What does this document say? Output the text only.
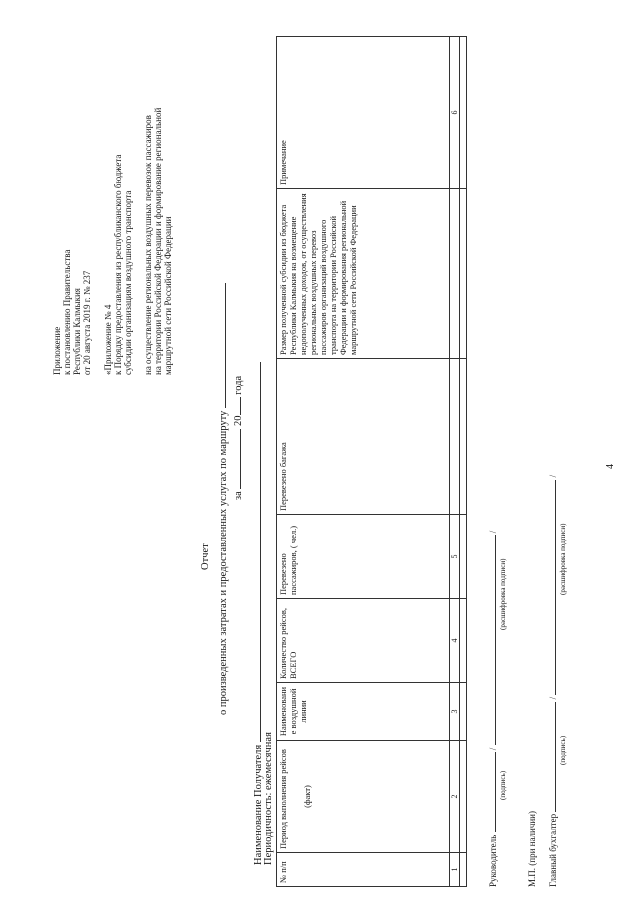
Приложение к постановлению Правительства Республики Калмыкия от 20 августа 2019 г. № 237 «Приложение № 4 к Порядку предоставления из республиканского бюджета субсидии организациям воздушного транспорта на осуществление региональных воздушных перевозок пассажиров на территории Российской Федерации и формирование региональной маршрутной сети Российской Федерации
Отчет о произведенных затратах и предоставленных услугах по маршруту за  20 года
Наименование Получателя Периодичность: ежемесячная
№ п/п	Период выполнения рейсов (факт)	Наименовани е воздушной линии	Количество рейсов, ВСЕГО	Перевезено пассажиров, ( чел.)	Перевезено багажа	Размер полученной субсидии из бюджета Республики Калмыкия на возмещение недополученных доходов, от осуществления региональных воздушных перевоз пассажиров организаций воздушного транспорта на территории Российской Федерации и формирования региональной маршрутной сети Российской Федерации	Примечание
1	2	3	4	5			6

Руководитель  /  /
(подпись)
(расшифровка подписи)
М.П. (при наличии)	Главный бухгалтер  /  /
(подпись)
(расшифровка подписи)
4
